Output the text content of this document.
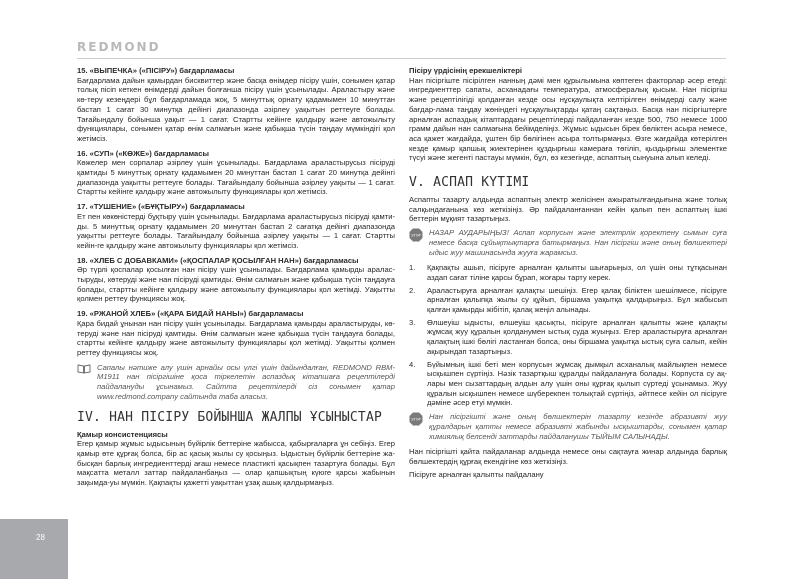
REDMOND

15. «ВЫПЕЧКА» («ПІСІРУ») бағдарламасы

Бағдарлама дайын қамырдан бисквиттер және басқа өнімдер пісіру үшін, сонымен қатар толық пісіп кеткен өнімдерді дайын болғанша пісіру үшін ұсынылады. Араластыру және кө-теру кезеңдері бұл бағдарламада жоқ, 5 минуттық орнату қадамымен 10 минуттан бастап 1 сағат 30 минутқа дейінгі диапазонда әзірлеу уақытын реттеуге болады. Тағайындалу бойынша уақыт — 1 сағат. Стартты кейінге қалдыру және автожылыту функциялары, сонымен қатар өнім салмағын және қабықша түсін таңдау мүмкіндігі қол жетімсіз.

16. «СУП» («КӨЖЕ») бағдарламасы

Көжелер мен сорпалар әзірлеу үшін ұсынылады. Бағдарлама араластырусыз пісірудi қамтиды 5 минуттық орнату қадамымен 20 минуттан бастап 1 сағат 20 минутқа дейінгі диапазонда уақытты реттеуге болады. Тағайындалу бойынша әзірлеу уақыты — 1 сағат. Стартты кейінге қалдыру және автожылыту функциялары қол жетімсіз.

17. «ТУШЕНИЕ» («БҰҚТЫРУ») бағдарламасы

Ет пен көкөністерді бұқтыру үшін ұсынылады. Бағдарлама араластырусыз пісірудi қамти-ды. 5 минуттық орнату қадамымен 20 минуттан бастап 2 сағатқа дейінгі диапазонда уақытты реттеуге болады. Тағайындалу бойынша әзірлеу уақыты — 1 сағат. Стартты кейін-ге қалдыру және автожылыту функциялары қол жетімсіз.

18. «ХЛЕБ С ДОБАВКАМИ» («ҚОСПАЛАР ҚОСЫЛҒАН НАН») бағдарламасы

Әр түрлі қоспалар қосылған нан пісіру үшін ұсынылады. Бағдарлама қамырды аралас-тыруды, көтеруді және нан пісіруді қамтиды. Өнім салмағын және қабықша түсін таңдауға болады, стартты кейінге қалдыру және автожылыту функциялары қол жетімді. Уақытты қолмен реттеу функциясы жоқ.

19. «РЖАНОЙ ХЛЕБ» («ҚАРА БИДАЙ НАНЫ») бағдарламасы

Қара бидай ұнынан нан пісіру үшін ұсынылады. Бағдарлама қамырды араластыруды, кө-теруді және нан пісіруді қамтиды. Өнім салмағын және қабықша түсін таңдауға болады, стартты кейінге қалдыру және автожылыту функциялары қол жетімді. Уақытты қолмен реттеу функциясы жоқ.

Сапалы нәтиже алу үшін арнайы осы үлгі үшін дайындалған, REDMOND RBM-M1911 нан пісіргішіне қоса тіркелетін аспаздық кітапшаға рецептілерді пайдалануды ұсынамыз. Сайтта рецептілерді сіз сонымен қатар www.redmond.company сайтында таба аласыз.
IV. НАН ПІСІРУ БОЙЫНША ЖАЛПЫ ҰСЫНЫСТАР

Қамыр консистенциясы

Егер қамыр жұмыс ыдысының бүйірлік беттеріне жабысса, қабырғаларға ұн себіңіз. Егер қамыр өте құрғақ болса, бір ас қасық жылы су қосыңыз. Ыдыстың бүйірлік беттеріне жа-бысқан барлық ингредиенттерді ағаш немесе пластикті қасықпен тазартуға болады. Бұл мақсатта металл заттар пайдаланбаңыз — олар қапшықтың күюге қарсы жабынын зақымда-уы мүмкін. Қақпақты қажетті уақыттан ұзақ ашық қалдырмаңыз.

Пісіру үрдісінің ерекшеліктері

Нан пісіргіште пісірілген нанның дәмі мен құрылымына көптеген факторлар әсер етеді: ингредиенттер сапаты, асханадағы температура, атмосфералық қысым. Нан пісіргіш және рецептілігіді қолданған кезде осы нұсқаулықта келтірілген өнімдерді салу және бағдар-лама таңдау жөніндегі нұсқаулықтарды қатаң сақтаңыз. Басқа нан пісіргіштерге арналған аспаздық кітаптардағы рецептілерді пайдаланған кезде 500, 750 немесе 1000 грамм дайын нан салмағына бейімделіңіз. Жұмыс ыдысын бірек бөліктен асыра немесе, аса қажет жағдайда, ұштен бір бөлігінен асыра толтырмаңыз. Өзге жағдайда көтерілген кезде қамыр қапшық жиектерінен құздырғыш камераға төгіліп, қыздырғыш элементке түсуі және жегенті пастауы мүмкін, бұл, өз кезегінде, аспаптың сынуына алып келеді.

V. АСПАП КҮТІМІ

Аспапты тазарту алдында аспаптың электр желісінен ажыратылғандығына және толық салқындағанына көз жеткізіңіз. Әр пайдаланғаннан кейін қалып пен аспаптың ішкі беттерін мұқият тазартыңыз.

STOP НАЗАР АУДАРЫҢЫЗ! Аспап корпусын және электрлік қоректену сымын суға немесе басқа сұйықтықтарға батырмаңыз. Нан пісіргіш және оның бөлшектері ыдыс жуу машинасында жууға жарамсыз.
1.	Қақпақты ашып, пісіруге арналған қалыпты шығарыңыз, ол үшін оны тұтқасынан аздап сағат тіліне қарсы бұрап, жоғары тарту керек.
2.	Араластыруға арналған қалақты шешіңіз. Егер қалақ біліктен шешілмесе, пісіруге арналған қалыпқа жылы су құйып, біршама уақытқа қалдырыңыз. Бұл жабысып қалған қамырды жібітіп, қалақ жеңіл алынады.
3.	Өлшеуіш ыдысты, өлшеуіш қасықты, пісіруге арналған қалыпты және қалақты жұмсақ жуу құралын қолданумен ыстық суда жуыңыз. Егер араластыруға арналған қалақтың ішкі бөлігі ластанған болса, оны біршама уақытқа ыстық суға салып, кейін ақырындап тазартыңыз.
4.	Бүйымның ішкі беті мен корпусын жұмсақ дымқыл асханалық майлықпен немесе ысқышпен сүртіңіз. Нәзік тазартқыш құралды пайдалануға болады. Корпуста су ақ-лары мен сызаттардың алдын алу үшін оны құрғақ қылып сүртеді ұсынамыз. Жуу құралын ысқышпен немесе шүберекпен толықтай сүртіңіз, әйтпесе кейін ол пісіруге дәміне әсер етуі мүмкін.
STOP Нан пісіргішті және оның бөлшектерін тазарту кезінде абразивті жуу құралдарын қатты немесе абразивті жабынды ысқыштарды, сонымен қатар химиялық белсенді заттарды пайдаланушы ТЫЙЫМ САЛЫНАДЫ.

Нан пісіргішті қайта пайдаланар алдында немесе оны сақтауға жинар алдында барлық бөлшектердің құрғақ екендігіне көз жеткізіңіз.

Пісіруге арналған қалыпты пайдалану

28
